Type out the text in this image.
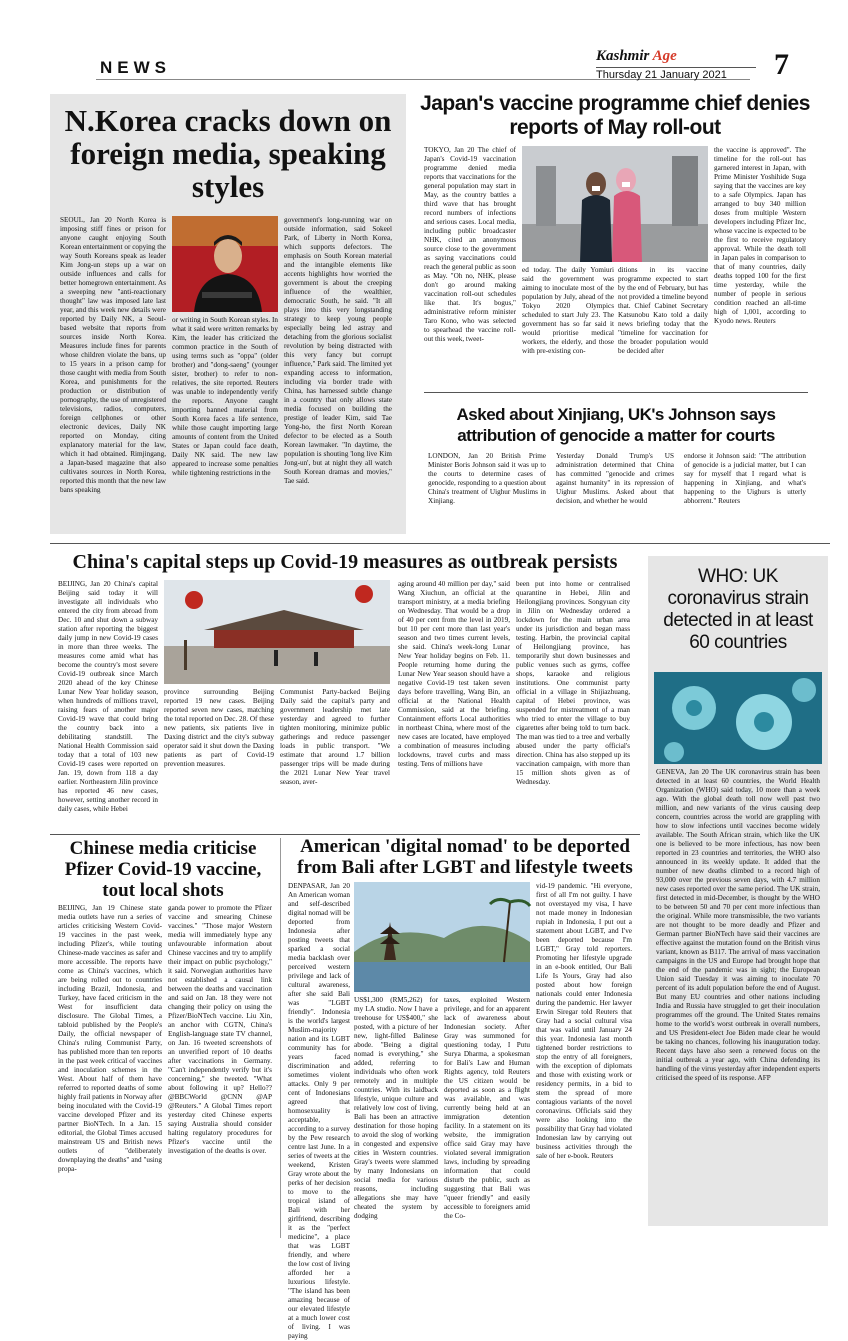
NEWS
Kashmir Age
Thursday 21 January 2021	7
N.Korea cracks down on foreign media, speaking styles
SEOUL, Jan 20 North Korea is imposing stiff fines or prison for anyone caught enjoying South Korean entertainment or copying the way South Koreans speak as leader Kim Jong-un steps up a war on outside influences and calls for better homegrown entertainment. As a sweeping new "anti-reactionary thought" law was imposed late last year, and this week new details were reported by Daily NK, a Seoul-based website that reports from sources inside North Korea. Measures include fines for parents whose children violate the bans, up to 15 years in a prison camp for those caught with media from South Korea, and punishments for the production or distribution of pornography, the use of unregistered televisions, radios, computers, foreign cellphones or other electronic devices, Daily NK reported on Monday, citing explanatory material for the law, which it had obtained. Rimjingang, a Japan-based magazine that also cultivates sources in North Korea, reported this month that the new law bans speaking
or writing in South Korean styles. In what it said were written remarks by Kim, the leader has criticized the common practice in the South of using terms such as "oppa" (older brother) and "dong-saeng" (younger sister, brother) to refer to non-relatives, the site reported. Reuters was unable to independently verify the reports. Anyone caught importing banned material from South Korea faces a life sentence, while those caught importing large amounts of content from the United States or Japan could face death, Daily NK said. The new law appeared to increase some penalties while tightening restrictions in the
government's long-running war on outside information, said Sokeel Park, of Liberty in North Korea, which supports defectors. The emphasis on South Korean material and the intangible elements like accents highlights how worried the government is about the creeping influence of the wealthier, democratic South, he said. "It all plays into this very longstanding strategy to keep young people especially being led astray and detaching from the glorious socialist revolution by being distracted with this very fancy but corrupt influence," Park said. The limited yet expanding access to information, including via border trade with China, has harnessed subtle change in a country that only allows state media focused on building the prestige of leader Kim, said Tae Yong-ho, the first North Korean defector to be elected as a South Korean lawmaker. "In daytime, the population is shouting 'long live Kim Jong-un', but at night they all watch South Korean dramas and movies," Tae said.
Japan's vaccine programme chief denies reports of May roll-out
TOKYO, Jan 20 The chief of Japan's Covid-19 vaccination programme denied media reports that vaccinations for the general population may start in May, as the country battles a third wave that has brought record numbers of infections and serious cases. Local media, including public broadcaster NHK, cited an anonymous source close to the government as saying vaccinations could reach the general public as soon as May. "Oh no, NHK, please don't go around making vaccination roll-out schedules like that. It's bogus," administrative reform minister Taro Kono, who was selected to spearhead the vaccine roll-out this week, tweet-
ed today. The daily Yomiuri said the government was aiming to inoculate most of the population by July, ahead of the Tokyo 2020 Olympics scheduled to start July 23. The government has so far said it would prioritise medical workers, the elderly, and those with pre-existing con-
ditions in its vaccine programme expected to start by the end of February, but has not provided a timeline beyond that. Chief Cabinet Secretary Katsunobu Kato told a daily news briefing today that the "timeline for vaccination for the broader population would be decided after
the vaccine is approved". The timeline for the roll-out has garnered interest in Japan, with Prime Minister Yoshihide Suga saying that the vaccines are key to a safe Olympics. Japan has arranged to buy 340 million doses from multiple Western developers including Pfizer Inc, whose vaccine is expected to be the first to receive regulatory approval. While the death toll in Japan pales in comparison to that of many countries, daily deaths topped 100 for the first time yesterday, while the number of people in serious condition reached an all-time high of 1,001, according to Kyodo news. Reuters
Asked about Xinjiang, UK's Johnson says attribution of genocide a matter for courts
LONDON, Jan 20 British Prime Minister Boris Johnson said it was up to the courts to determine cases of genocide, responding to a question about China's treatment of Uighur Muslims in Xinjiang.
Yesterday Donald Trump's US administration determined that China has committed "genocide and crimes against humanity" in its repression of Uighur Muslims. Asked about that decision, and whether he would
endorse it Johnson said: "The attribution of genocide is a judicial matter, but I can say for myself that I regard what is happening in Xinjiang, and what's happening to the Uighurs is utterly abhorrent." Reuters
China's capital steps up Covid-19 measures as outbreak persists
BEIJING, Jan 20 China's capital Beijing said today it will investigate all individuals who entered the city from abroad from Dec. 10 and shut down a subway station after reporting the biggest daily jump in new Covid-19 cases in more than three weeks. The measures come amid what has become the country's most severe Covid-19 outbreak since March 2020 ahead of the key Chinese Lunar New Year holiday season, when hundreds of millions travel, raising fears of another major Covid-19 wave that could bring the country back into a debilitating standstill. The National Health Commission said today that a total of 103 new Covid-19 cases were reported on Jan. 19, down from 118 a day earlier. Northeastern Jilin province has reported 46 new cases, however, setting another record in daily cases, while Hebei
province surrounding Beijing reported 19 new cases. Beijing reported seven new cases, matching the total reported on Dec. 28. Of these new patients, six patients live in Daxing district and the city's subway operator said it shut down the Daxing patients as part of Covid-19 prevention measures.
Communist Party-backed Beijing Daily said the capital's party and government leadership met late yesterday and agreed to further tighten monitoring, minimize public gatherings and reduce passenger loads in public transport. "We estimate that around 1.7 billion passenger trips will be made during the 2021 Lunar New Year travel season, aver-
aging around 40 million per day," said Wang Xiuchun, an official at the transport ministry, at a media briefing on Wednesday. That would be a drop of 40 per cent from the level in 2019, but 10 per cent more than last year's season and two times current levels, she said. China's week-long Lunar New Year holiday begins on Feb. 11. People returning home during the Lunar New Year season should have a negative Covid-19 test taken seven days before travelling, Wang Bin, an official at the National Health Commission, said at the briefing. Containment efforts Local authorities in northeast China, where most of the new cases are located, have employed a combination of measures including lockdowns, travel curbs and mass testing. Tens of millions have
been put into home or centralised quarantine in Hebei, Jilin and Heilongjiang provinces. Songyuan city in Jilin on Wednesday ordered a lockdown for the main urban area under its jurisdiction and began mass testing. Harbin, the provincial capital of Heilongjiang province, has temporarily shut down businesses and public venues such as gyms, coffee shops, karaoke and religious institutions. One communist party official in a village in Shijiazhuang, capital of Hebei province, was suspended for mistreatment of a man who tried to enter the village to buy cigarettes after being told to turn back. The man was tied to a tree and verbally abused under the party official's direction. China has also stepped up its vaccination campaign, with more than 15 million shots given as of Wednesday.
WHO: UK coronavirus strain detected in at least 60 countries
GENEVA, Jan 20 The UK coronavirus strain has been detected in at least 60 countries, the World Health Organization (WHO) said today, 10 more than a week ago. With the global death toll now well past two million, and new variants of the virus causing deep concern, countries across the world are grappling with how to slow infections until vaccines become widely available. The South African strain, which like the UK one is believed to be more infectious, has now been reported in 23 countries and territories, the WHO also announced in its weekly update. It added that the number of new deaths climbed to a record high of 93,000 over the previous seven days, with 4.7 million new cases reported over the same period. The UK strain, first detected in mid-December, is thought by the WHO to be between 50 and 70 per cent more infectious than the original. While more transmissible, the two variants are not thought to be more deadly and Pfizer and German partner BioNTech have said their vaccines are effective against the mutation found on the British virus variant, known as B117. The arrival of mass vaccination campaigns in the US and Europe had brought hope that the end of the pandemic was in sight; the European Union said Tuesday it was aiming to inoculate 70 percent of its adult population before the end of August. But many EU countries and other nations including India and Russia have struggled to get their inoculation programmes off the ground. The United States remains home to the world's worst outbreak in overall numbers, and US President-elect Joe Biden made clear he would be taking no chances, following his inauguration today. Recent days have also seen a renewed focus on the initial outbreak a year ago, with China defending its handling of the virus yesterday after independent experts criticised the speed of its response. AFP
Chinese media criticise Pfizer Covid-19 vaccine, tout local shots
BEIJING, Jan 19 Chinese state media outlets have run a series of articles criticising Western Covid-19 vaccines in the past week, including Pfizer's, while touting Chinese-made vaccines as safer and more accessible. The reports have come as China's vaccines, which are being rolled out to countries including Brazil, Indonesia, and Turkey, have faced criticism in the West for insufficient data disclosure. The Global Times, a tabloid published by the People's Daily, the official newspaper of China's ruling Communist Party, has published more than ten reports in the past week critical of vaccines and inoculation schemes in the West. About half of them have referred to reported deaths of some highly frail patients in Norway after being inoculated with the Covid-19 vaccine developed Pfizer and its partner BioNTech. In a Jan. 15 editorial, the Global Times accused mainstream US and British news outlets of "deliberately downplaying the deaths" and "using propa-
ganda power to promote the Pfizer vaccine and smearing Chinese vaccines." "Those major Western media will immediately hype any unfavourable information about Chinese vaccines and try to amplify their impact on public psychology," it said. Norwegian authorities have not established a causal link between the deaths and vaccination and said on Jan. 18 they were not changing their policy on using the Pfizer/BioNTech vaccine. Liu Xin, an anchor with CGTN, China's English-language state TV channel, on Jan. 16 tweeted screenshots of an unverified report of 10 deaths after vaccinations in Germany. "Can't independently verify but it's concerning," she tweeted. "What about following it up? Hello?? @BBCWorld @CNN @AP @Reuters." A Global Times report yesterday cited Chinese experts saying Australia should consider halting regulatory procedures for Pfizer's vaccine until the investigation of the deaths is over.
American 'digital nomad' to be deported from Bali after LGBT and lifestyle tweets
DENPASAR, Jan 20 An American woman and self-described digital nomad will be deported from Indonesia after posting tweets that sparked a social media backlash over perceived western privilege and lack of cultural awareness, after she said Bali was "LGBT friendly". Indonesia is the world's largest Muslim-majority nation and its LGBT community has for years faced discrimination and sometimes violent attacks. Only 9 per cent of Indonesians agreed that homosexuality is acceptable, according to a survey by the Pew research centre last June. In a series of tweets at the weekend, Kristen Gray wrote about the perks of her decision to move to the tropical island of Bali with her girlfriend, describing it as the "perfect medicine", a place that was LGBT friendly, and where the low cost of living afforded her a luxurious lifestyle. "The island has been amazing because of our elevated lifestyle at a much lower cost of living. I was paying
US$1,300 (RM5,262) for my LA studio. Now I have a treehouse for US$400," she posted, with a picture of her new, light-filled Balinese abode. "Being a digital nomad is everything," she added, referring to individuals who often work remotely and in multiple countries. With its laidback lifestyle, unique culture and relatively low cost of living, Bali has been an attractive destination for those hoping to avoid the slog of working in congested and expensive cities in Western countries. Gray's tweets were slammed by many Indonesians on social media for various reasons, including allegations she may have cheated the system by dodging
taxes, exploited Western privilege, and for an apparent lack of awareness about Indonesian society. After Gray was summoned for questioning today, I Putu Surya Dharma, a spokesman for Bali's Law and Human Rights agency, told Reuters the US citizen would be deported as soon as a flight was available, and was currently being held at an immigration detention facility. In a statement on its website, the immigration office said Gray may have violated several immigration laws, including by spreading information that could disturb the public, such as suggesting that Bali was "queer friendly" and easily accessible to foreigners amid the Co-
vid-19 pandemic. "Hi everyone, first of all I'm not guilty. I have not overstayed my visa, I have not made money in Indonesian rupiah in Indonesia, I put out a statement about LGBT, and I've been deported because I'm LGBT," Gray told reporters. Promoting her lifestyle upgrade in an e-book entitled, Our Bali Life Is Yours, Gray had also posted about how foreign nationals could enter Indonesia during the pandemic. Her lawyer Erwin Siregar told Reuters that Gray had a social cultural visa that was valid until January 24 this year. Indonesia last month tightened border restrictions to stop the entry of all foreigners, with the exception of diplomats and those with existing work or residency permits, in a bid to stem the spread of more contagious variants of the novel coronavirus. Officials said they were also looking into the possibility that Gray had violated Indonesian law by carrying out business activities through the sale of her e-book. Reuters
